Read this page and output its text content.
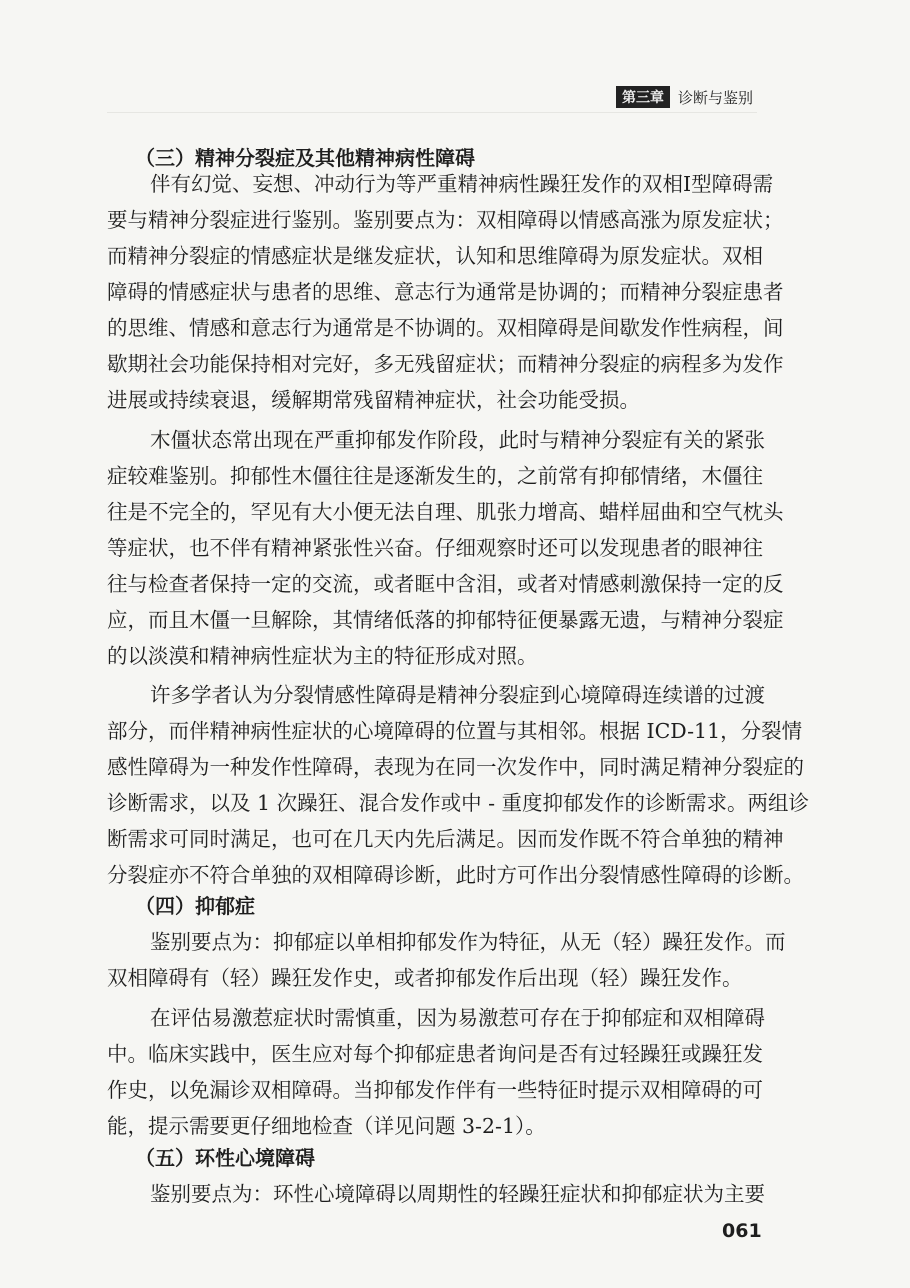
第三章 诊断与鉴别
（三）精神分裂症及其他精神病性障碍
伴有幻觉、妄想、冲动行为等严重精神病性躁狂发作的双相Ⅰ型障碍需
要与精神分裂症进行鉴别。鉴别要点为：双相障碍以情感高涨为原发症状；
而精神分裂症的情感症状是继发症状，认知和思维障碍为原发症状。双相
障碍的情感症状与患者的思维、意志行为通常是协调的；而精神分裂症患者
的思维、情感和意志行为通常是不协调的。双相障碍是间歇发作性病程，间
歇期社会功能保持相对完好，多无残留症状；而精神分裂症的病程多为发作
进展或持续衰退，缓解期常残留精神症状，社会功能受损。
木僵状态常出现在严重抑郁发作阶段，此时与精神分裂症有关的紧张
症较难鉴别。抑郁性木僵往往是逐渐发生的，之前常有抑郁情绪，木僵往
往是不完全的，罕见有大小便无法自理、肌张力增高、蜡样屈曲和空气枕头
等症状，也不伴有精神紧张性兴奋。仔细观察时还可以发现患者的眼神往
往与检查者保持一定的交流，或者眶中含泪，或者对情感刺激保持一定的反
应，而且木僵一旦解除，其情绪低落的抑郁特征便暴露无遗，与精神分裂症
的以淡漠和精神病性症状为主的特征形成对照。
许多学者认为分裂情感性障碍是精神分裂症到心境障碍连续谱的过渡
部分，而伴精神病性症状的心境障碍的位置与其相邻。根据 ICD-11，分裂情
感性障碍为一种发作性障碍，表现为在同一次发作中，同时满足精神分裂症的
诊断需求，以及 1 次躁狂、混合发作或中 - 重度抑郁发作的诊断需求。两组诊
断需求可同时满足，也可在几天内先后满足。因而发作既不符合单独的精神
分裂症亦不符合单独的双相障碍诊断，此时方可作出分裂情感性障碍的诊断。
（四）抑郁症
鉴别要点为：抑郁症以单相抑郁发作为特征，从无（轻）躁狂发作。而
双相障碍有（轻）躁狂发作史，或者抑郁发作后出现（轻）躁狂发作。
在评估易激惹症状时需慎重，因为易激惹可存在于抑郁症和双相障碍
中。临床实践中，医生应对每个抑郁症患者询问是否有过轻躁狂或躁狂发
作史，以免漏诊双相障碍。当抑郁发作伴有一些特征时提示双相障碍的可
能，提示需要更仔细地检查（详见问题 3-2-1）。
（五）环性心境障碍
鉴别要点为：环性心境障碍以周期性的轻躁狂症状和抑郁症状为主要
061
